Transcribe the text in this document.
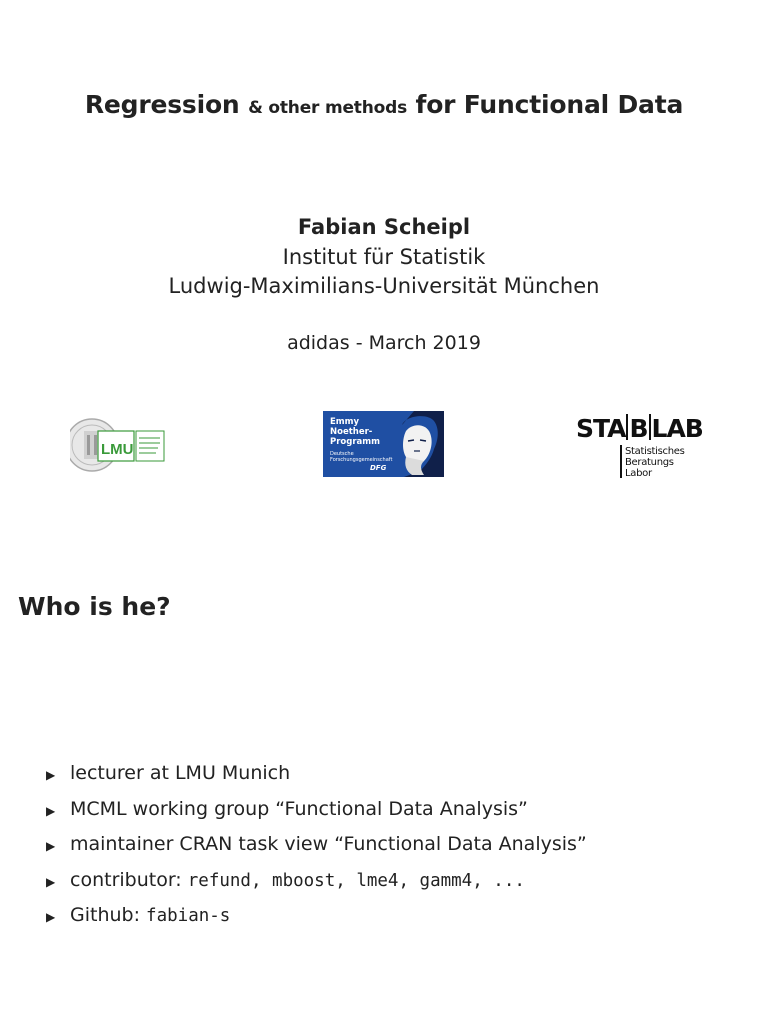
Regression & other methods for Functional Data
Fabian Scheipl
Institut für Statistik
Ludwig-Maximilians-Universität München
adidas - March 2019
LMU
Emmy
Noether-
Programm
Deutsche
Forschungsgemeinschaft
DFG
STA B LAB
Statistisches
Beratungs
Labor
Who is he?
▶ lecturer at LMU Munich
▶ MCML working group “Functional Data Analysis”
▶ maintainer CRAN task view “Functional Data Analysis”
▶ contributor: refund, mboost, lme4, gamm4, ...
▶ Github: fabian-s
